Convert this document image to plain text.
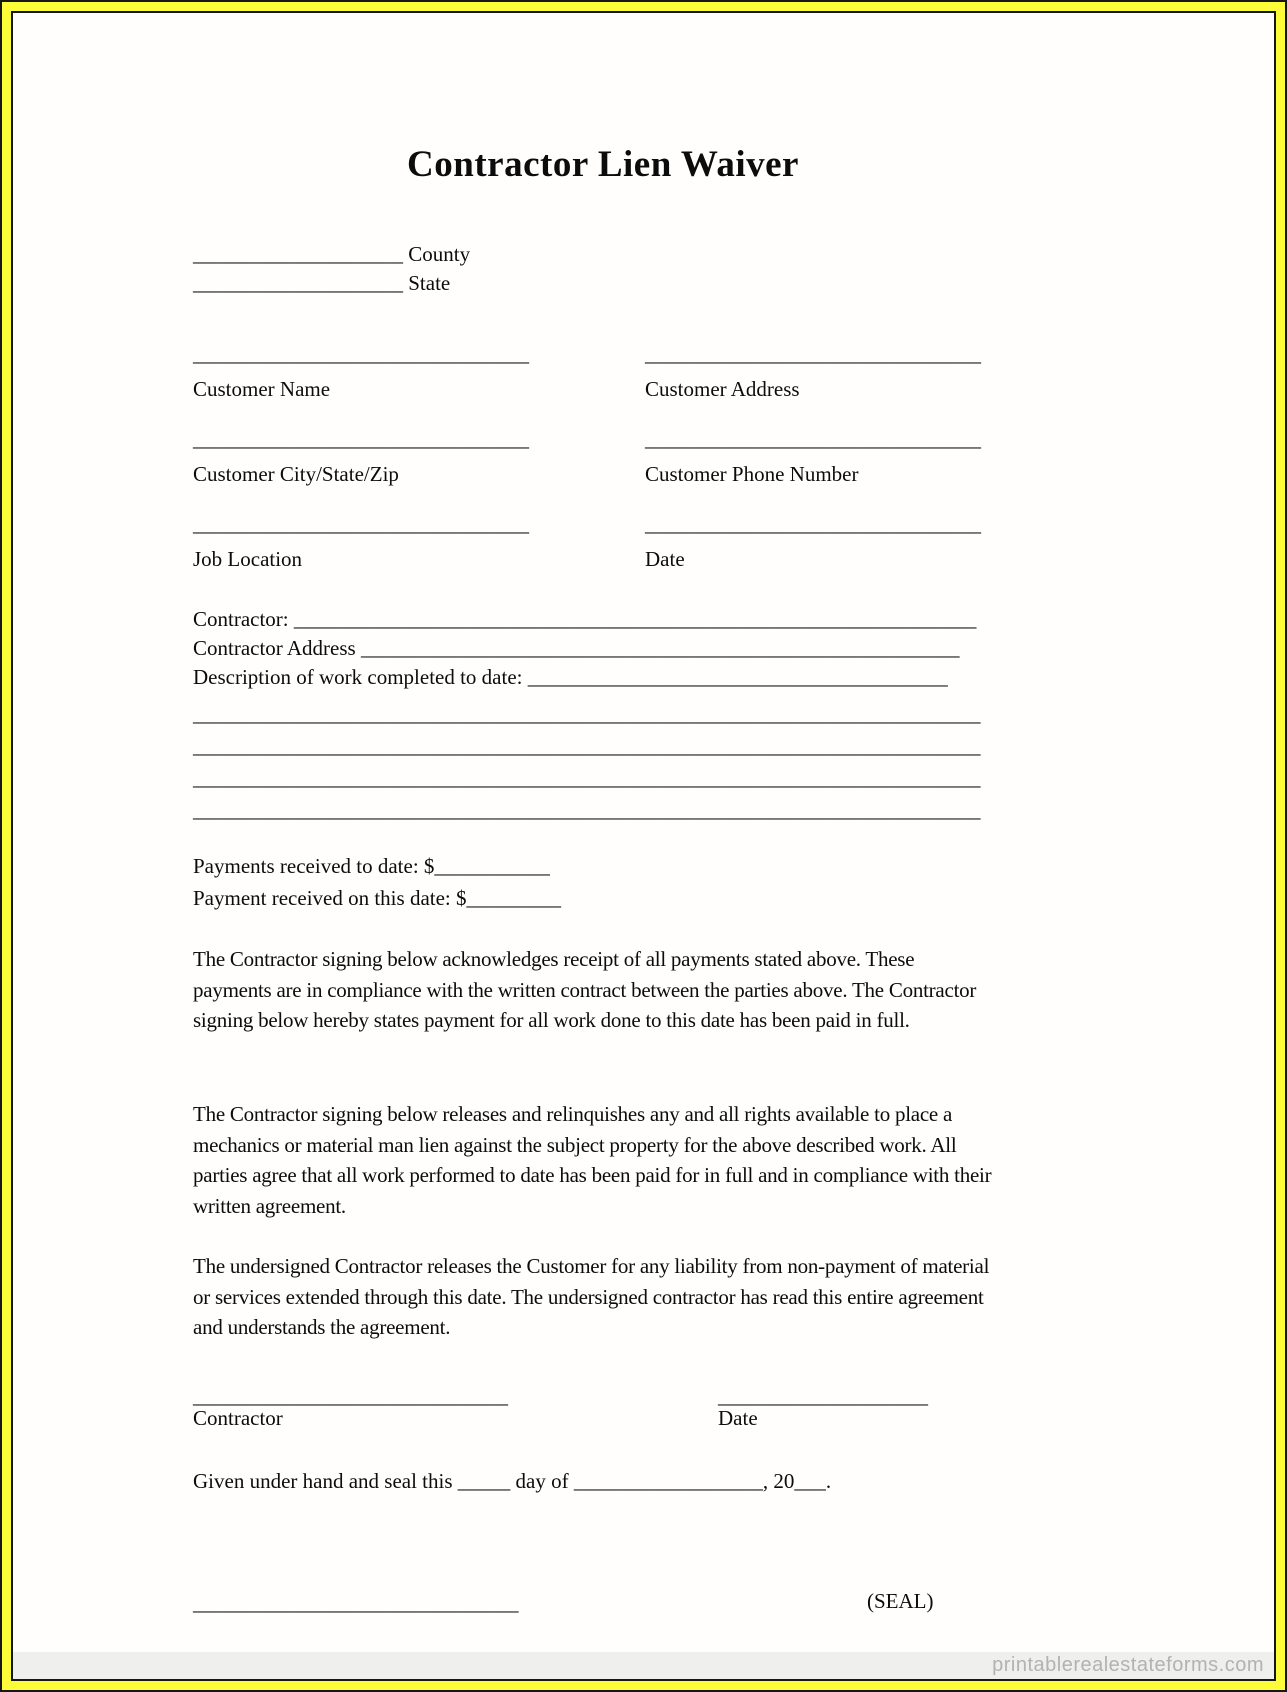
Contractor Lien Waiver
____________________ County
____________________ State
________________________________
Customer Name
________________________________
Customer Address
________________________________
Customer City/State/Zip
________________________________
Customer Phone Number
________________________________
Job Location
________________________________
Date
Contractor: _________________________________________________________________
Contractor Address _________________________________________________________
Description of work completed to date: ________________________________________
___________________________________________________________________________
___________________________________________________________________________
___________________________________________________________________________
___________________________________________________________________________
Payments received to date: $___________
Payment received on this date: $_________
The Contractor signing below acknowledges receipt of all payments stated above. These payments are in compliance with the written contract between the parties above. The Contractor signing below hereby states payment for all work done to this date has been paid in full.
The Contractor signing below releases and relinquishes any and all rights available to place a mechanics or material man lien against the subject property for the above described work. All parties agree that all work performed to date has been paid for in full and in compliance with their written agreement.
The undersigned Contractor releases the Customer for any liability from non-payment of material or services extended through this date. The undersigned contractor has read this entire agreement and understands the agreement.
______________________________
Contractor
____________________
Date
Given under hand and seal this _____ day of __________________, 20___.
_______________________________	(SEAL)
printablerealestateforms.com
